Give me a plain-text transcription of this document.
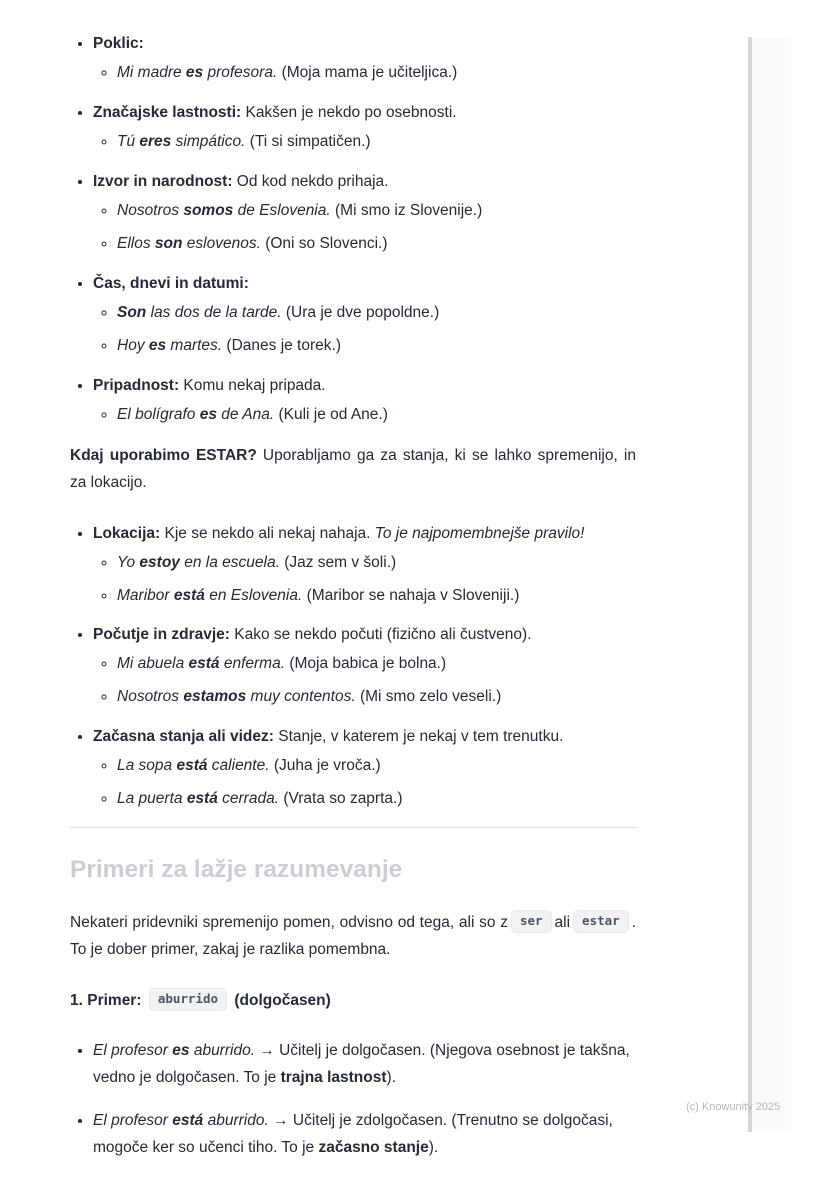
• Poklic:
◦ Mi madre es profesora. (Moja mama je učiteljica.)
• Značajske lastnosti: Kakšen je nekdo po osebnosti.
◦ Tú eres simpático. (Ti si simpatičen.)
• Izvor in narodnost: Od kod nekdo prihaja.
◦ Nosotros somos de Eslovenia. (Mi smo iz Slovenije.)
◦ Ellos son eslovenos. (Oni so Slovenci.)
• Čas, dnevi in datumi:
◦ Son las dos de la tarde. (Ura je dve popoldne.)
◦ Hoy es martes. (Danes je torek.)
• Pripadnost: Komu nekaj pripada.
◦ El bolígrafo es de Ana. (Kuli je od Ane.)

Kdaj uporabimo ESTAR? Uporabljamo ga za stanja, ki se lahko spremenijo, in za lokacijo.

• Lokacija: Kje se nekdo ali nekaj nahaja. To je najpomembnejše pravilo!
◦ Yo estoy en la escuela. (Jaz sem v šoli.)
◦ Maribor está en Eslovenia. (Maribor se nahaja v Sloveniji.)
• Počutje in zdravje: Kako se nekdo počuti (fizično ali čustveno).
◦ Mi abuela está enferma. (Moja babica je bolna.)
◦ Nosotros estamos muy contentos. (Mi smo zelo veseli.)
• Začasna stanja ali videz: Stanje, v katerem je nekaj v tem trenutku.
◦ La sopa está caliente. (Juha je vroča.)
◦ La puerta está cerrada. (Vrata so zaprta.)
Primeri za lažje razumevanje

Nekateri pridevniki spremenijo pomen, odvisno od tega, ali so z ser ali estar . To je dober primer, zakaj je razlika pomembna.

1. Primer: aburrido (dolgočasen)

• El profesor es aburrido. → Učitelj je dolgočasen. (Njegova osebnost je takšna, vedno je dolgočasen. To je trajna lastnost).
• El profesor está aburrido. → Učitelj je zdolgočasen. (Trenutno se dolgočasi, mogoče ker so učenci tiho. To je začasno stanje).
(c) Knowunity 2025
